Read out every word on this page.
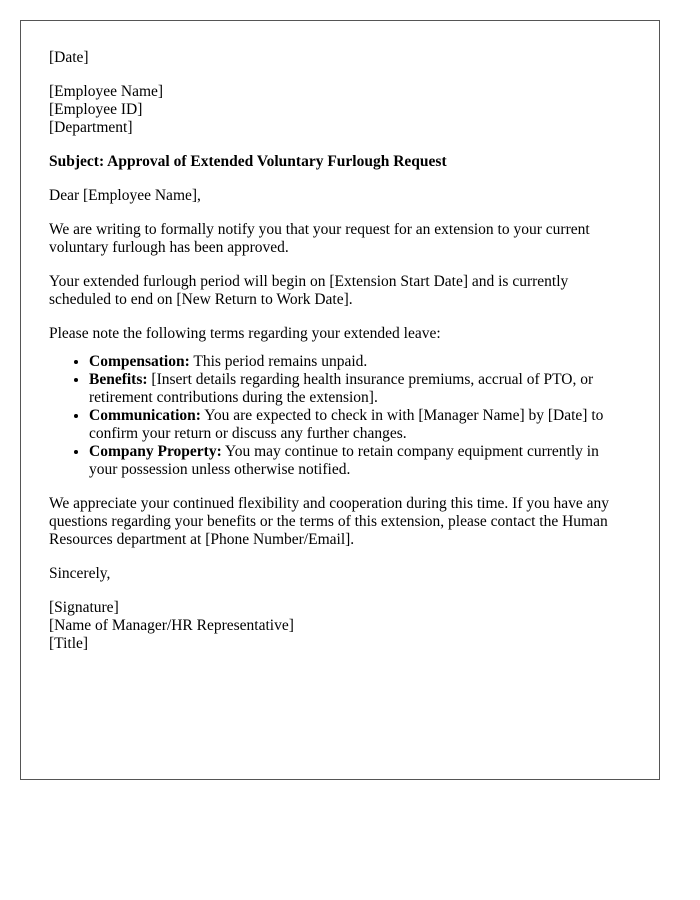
[Date]

[Employee Name]

[Employee ID]

[Department]

Subject: Approval of Extended Voluntary Furlough Request

Dear [Employee Name],

We are writing to formally notify you that your request for an extension to your current voluntary furlough has been approved.

Your extended furlough period will begin on [Extension Start Date] and is currently scheduled to end on [New Return to Work Date].

Please note the following terms regarding your extended leave:

• Compensation: This period remains unpaid.
• Benefits: [Insert details regarding health insurance premiums, accrual of PTO, or retirement contributions during the extension].
• Communication: You are expected to check in with [Manager Name] by [Date] to confirm your return or discuss any further changes.
• Company Property: You may continue to retain company equipment currently in your possession unless otherwise notified.

We appreciate your continued flexibility and cooperation during this time. If you have any questions regarding your benefits or the terms of this extension, please contact the Human Resources department at [Phone Number/Email].

Sincerely,

[Signature]

[Name of Manager/HR Representative]

[Title]
